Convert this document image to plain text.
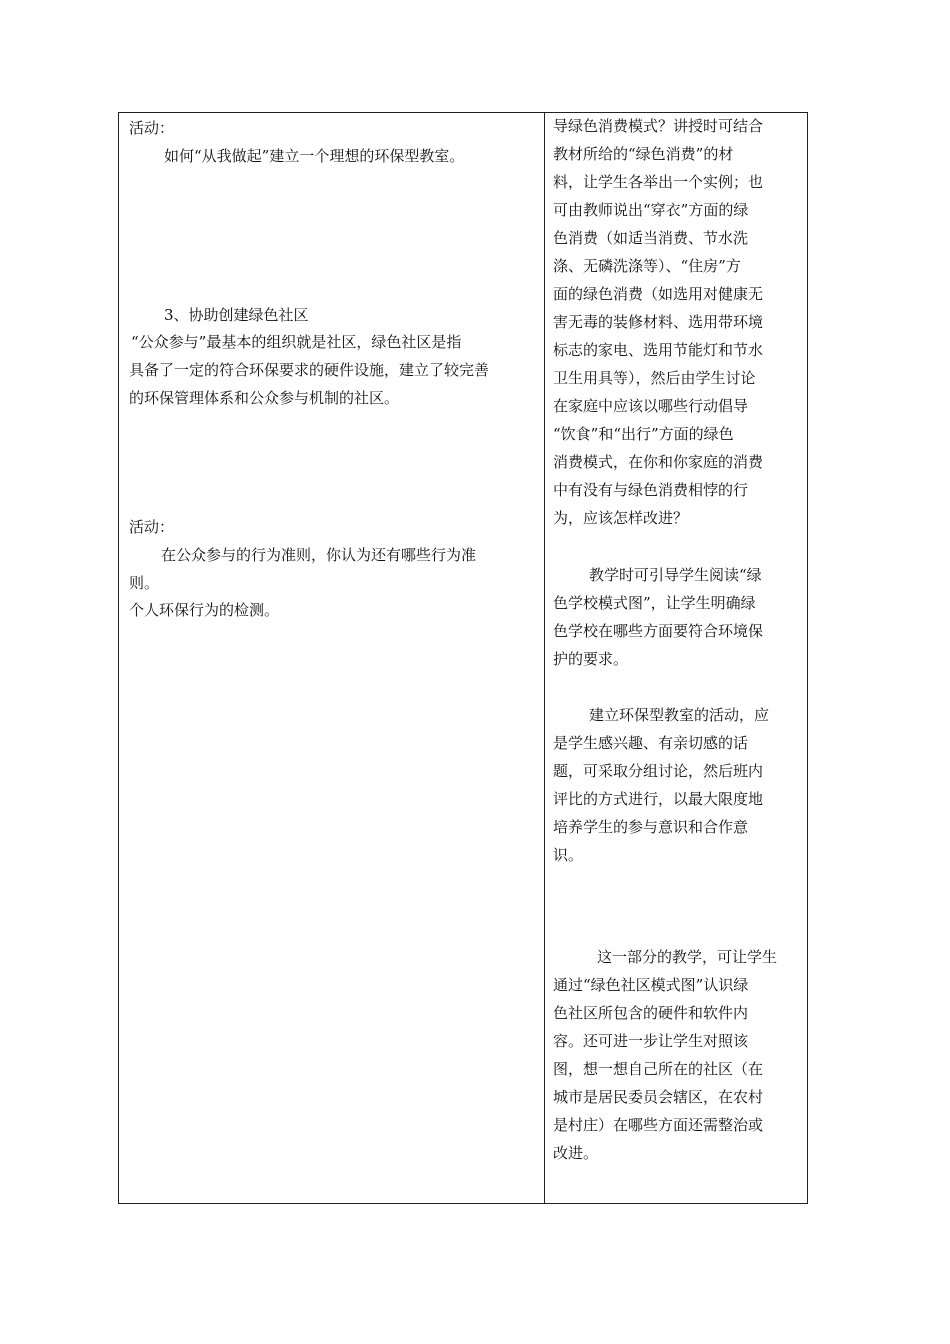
活动：
如何“从我做起”建立一个理想的环保型教室。
3、协助创建绿色社区
“公众参与”最基本的组织就是社区，绿色社区是指
具备了一定的符合环保要求的硬件设施，建立了较完善
的环保管理体系和公众参与机制的社区。
活动：
在公众参与的行为准则，你认为还有哪些行为准
则。
个人环保行为的检测。
导绿色消费模式？讲授时可结合
教材所给的“绿色消费”的材
料，让学生各举出一个实例；也
可由教师说出“穿衣”方面的绿
色消费（如适当消费、节水洗
涤、无磷洗涤等）、“住房”方
面的绿色消费（如选用对健康无
害无毒的装修材料、选用带环境
标志的家电、选用节能灯和节水
卫生用具等），然后由学生讨论
在家庭中应该以哪些行动倡导
“饮食”和“出行”方面的绿色
消费模式，在你和你家庭的消费
中有没有与绿色消费相悖的行
为，应该怎样改进？
教学时可引导学生阅读“绿
色学校模式图”，让学生明确绿
色学校在哪些方面要符合环境保
护的要求。
建立环保型教室的活动，应
是学生感兴趣、有亲切感的话
题，可采取分组讨论，然后班内
评比的方式进行，以最大限度地
培养学生的参与意识和合作意
识。
这一部分的教学，可让学生
通过“绿色社区模式图”认识绿
色社区所包含的硬件和软件内
容。还可进一步让学生对照该
图，想一想自己所在的社区（在
城市是居民委员会辖区，在农村
是村庄）在哪些方面还需整治或
改进。
